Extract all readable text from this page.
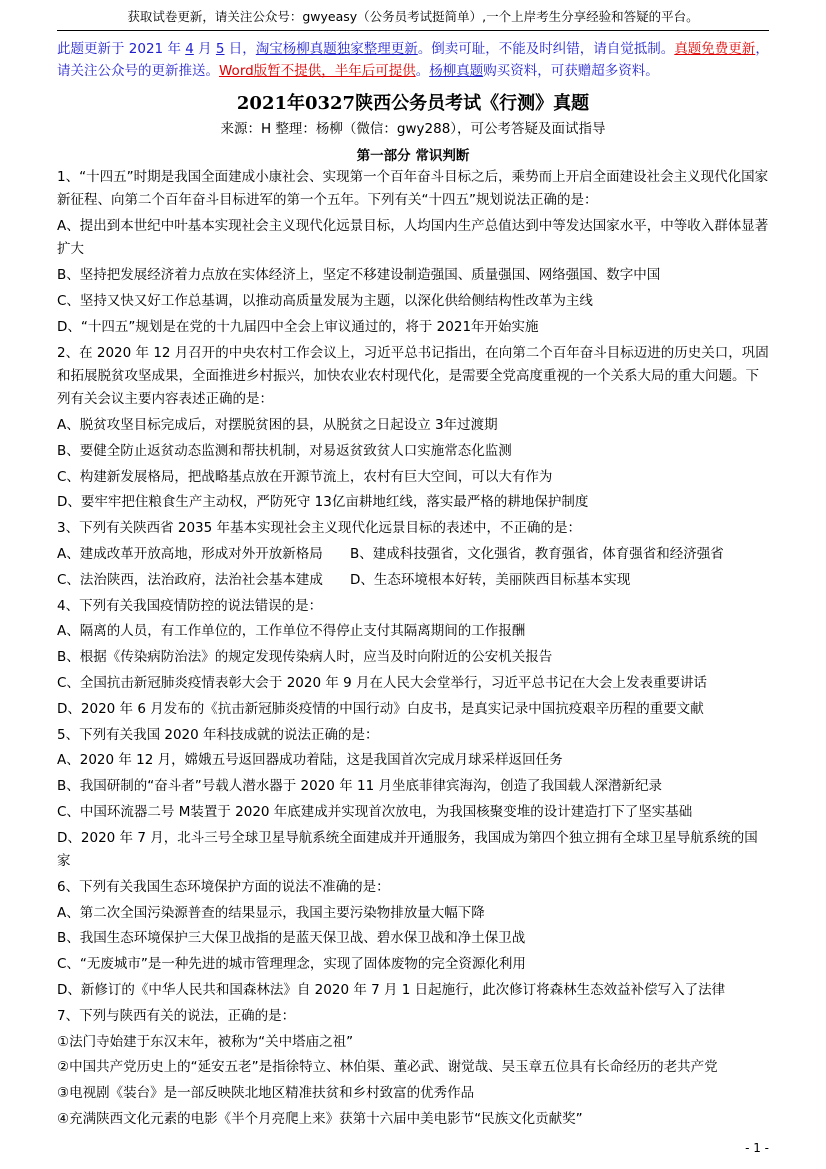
获取试卷更新，请关注公众号：gwyeasy（公务员考试挺简单）,一个上岸考生分享经验和答疑的平台。
此题更新于 2021 年 4 月 5 日，淘宝杨柳真题独家整理更新。倒卖可耻，不能及时纠错，请自觉抵制。真题免费更新，请关注公众号的更新推送。Word版暂不提供，半年后可提供。杨柳真题购买资料，可获赠超多资料。
2021年0327陕西公务员考试《行测》真题
来源：H 整理：杨柳（微信：gwy288），可公考答疑及面试指导
第一部分 常识判断

1、“十四五”时期是我国全面建成小康社会、实现第一个百年奋斗目标之后，乘势而上开启全面建设社会主义现代化国家新征程、向第二个百年奋斗目标进军的第一个五年。下列有关“十四五”规划说法正确的是：

A、提出到本世纪中叶基本实现社会主义现代化远景目标，人均国内生产总值达到中等发达国家水平，中等收入群体显著扩大

B、坚持把发展经济着力点放在实体经济上，坚定不移建设制造强国、质量强国、网络强国、数字中国

C、坚持又快又好工作总基调，以推动高质量发展为主题，以深化供给侧结构性改革为主线

D、“十四五”规划是在党的十九届四中全会上审议通过的，将于 2021年开始实施

2、在 2020 年 12 月召开的中央农村工作会议上，习近平总书记指出，在向第二个百年奋斗目标迈进的历史关口，巩固和拓展脱贫攻坚成果，全面推进乡村振兴，加快农业农村现代化，是需要全党高度重视的一个关系大局的重大问题。下列有关会议主要内容表述正确的是：

A、脱贫攻坚目标完成后，对摆脱贫困的县，从脱贫之日起设立 3年过渡期

B、要健全防止返贫动态监测和帮扶机制，对易返贫致贫人口实施常态化监测

C、构建新发展格局，把战略基点放在开源节流上，农村有巨大空间，可以大有作为

D、要牢牢把住粮食生产主动权，严防死守 13亿亩耕地红线，落实最严格的耕地保护制度

3、下列有关陕西省 2035 年基本实现社会主义现代化远景目标的表述中，不正确的是：

A、建成改革开放高地，形成对外开放新格局	B、建成科技强省，文化强省，教育强省，体育强省和经济强省
C、法治陕西，法治政府，法治社会基本建成	D、生态环境根本好转，美丽陕西目标基本实现

4、下列有关我国疫情防控的说法错误的是：

A、隔离的人员，有工作单位的，工作单位不得停止支付其隔离期间的工作报酬

B、根据《传染病防治法》的规定发现传染病人时，应当及时向附近的公安机关报告

C、全国抗击新冠肺炎疫情表彰大会于 2020 年 9 月在人民大会堂举行，习近平总书记在大会上发表重要讲话

D、2020 年 6 月发布的《抗击新冠肺炎疫情的中国行动》白皮书，是真实记录中国抗疫艰辛历程的重要文献

5、下列有关我国 2020 年科技成就的说法正确的是：

A、2020 年 12 月，嫦娥五号返回器成功着陆，这是我国首次完成月球采样返回任务

B、我国研制的“奋斗者”号载人潜水器于 2020 年 11 月坐底菲律宾海沟，创造了我国载人深潜新纪录

C、中国环流器二号 M装置于 2020 年底建成并实现首次放电，为我国核聚变堆的设计建造打下了坚实基础

D、2020 年 7 月，北斗三号全球卫星导航系统全面建成并开通服务，我国成为第四个独立拥有全球卫星导航系统的国家

6、下列有关我国生态环境保护方面的说法不准确的是：

A、第二次全国污染源普查的结果显示，我国主要污染物排放量大幅下降

B、我国生态环境保护三大保卫战指的是蓝天保卫战、碧水保卫战和净土保卫战

C、“无废城市”是一种先进的城市管理理念，实现了固体废物的完全资源化利用

D、新修订的《中华人民共和国森林法》自 2020 年 7 月 1 日起施行，此次修订将森林生态效益补偿写入了法律

7、下列与陕西有关的说法，正确的是：

①法门寺始建于东汉末年，被称为“关中塔庙之祖”

②中国共产党历史上的“延安五老”是指徐特立、林伯渠、董必武、谢觉哉、吴玉章五位具有长命经历的老共产党

③电视剧《装台》是一部反映陕北地区精准扶贫和乡村致富的优秀作品

④充满陕西文化元素的电影《半个月亮爬上来》获第十六届中美电影节“民族文化贡献奖”

- 1 -
